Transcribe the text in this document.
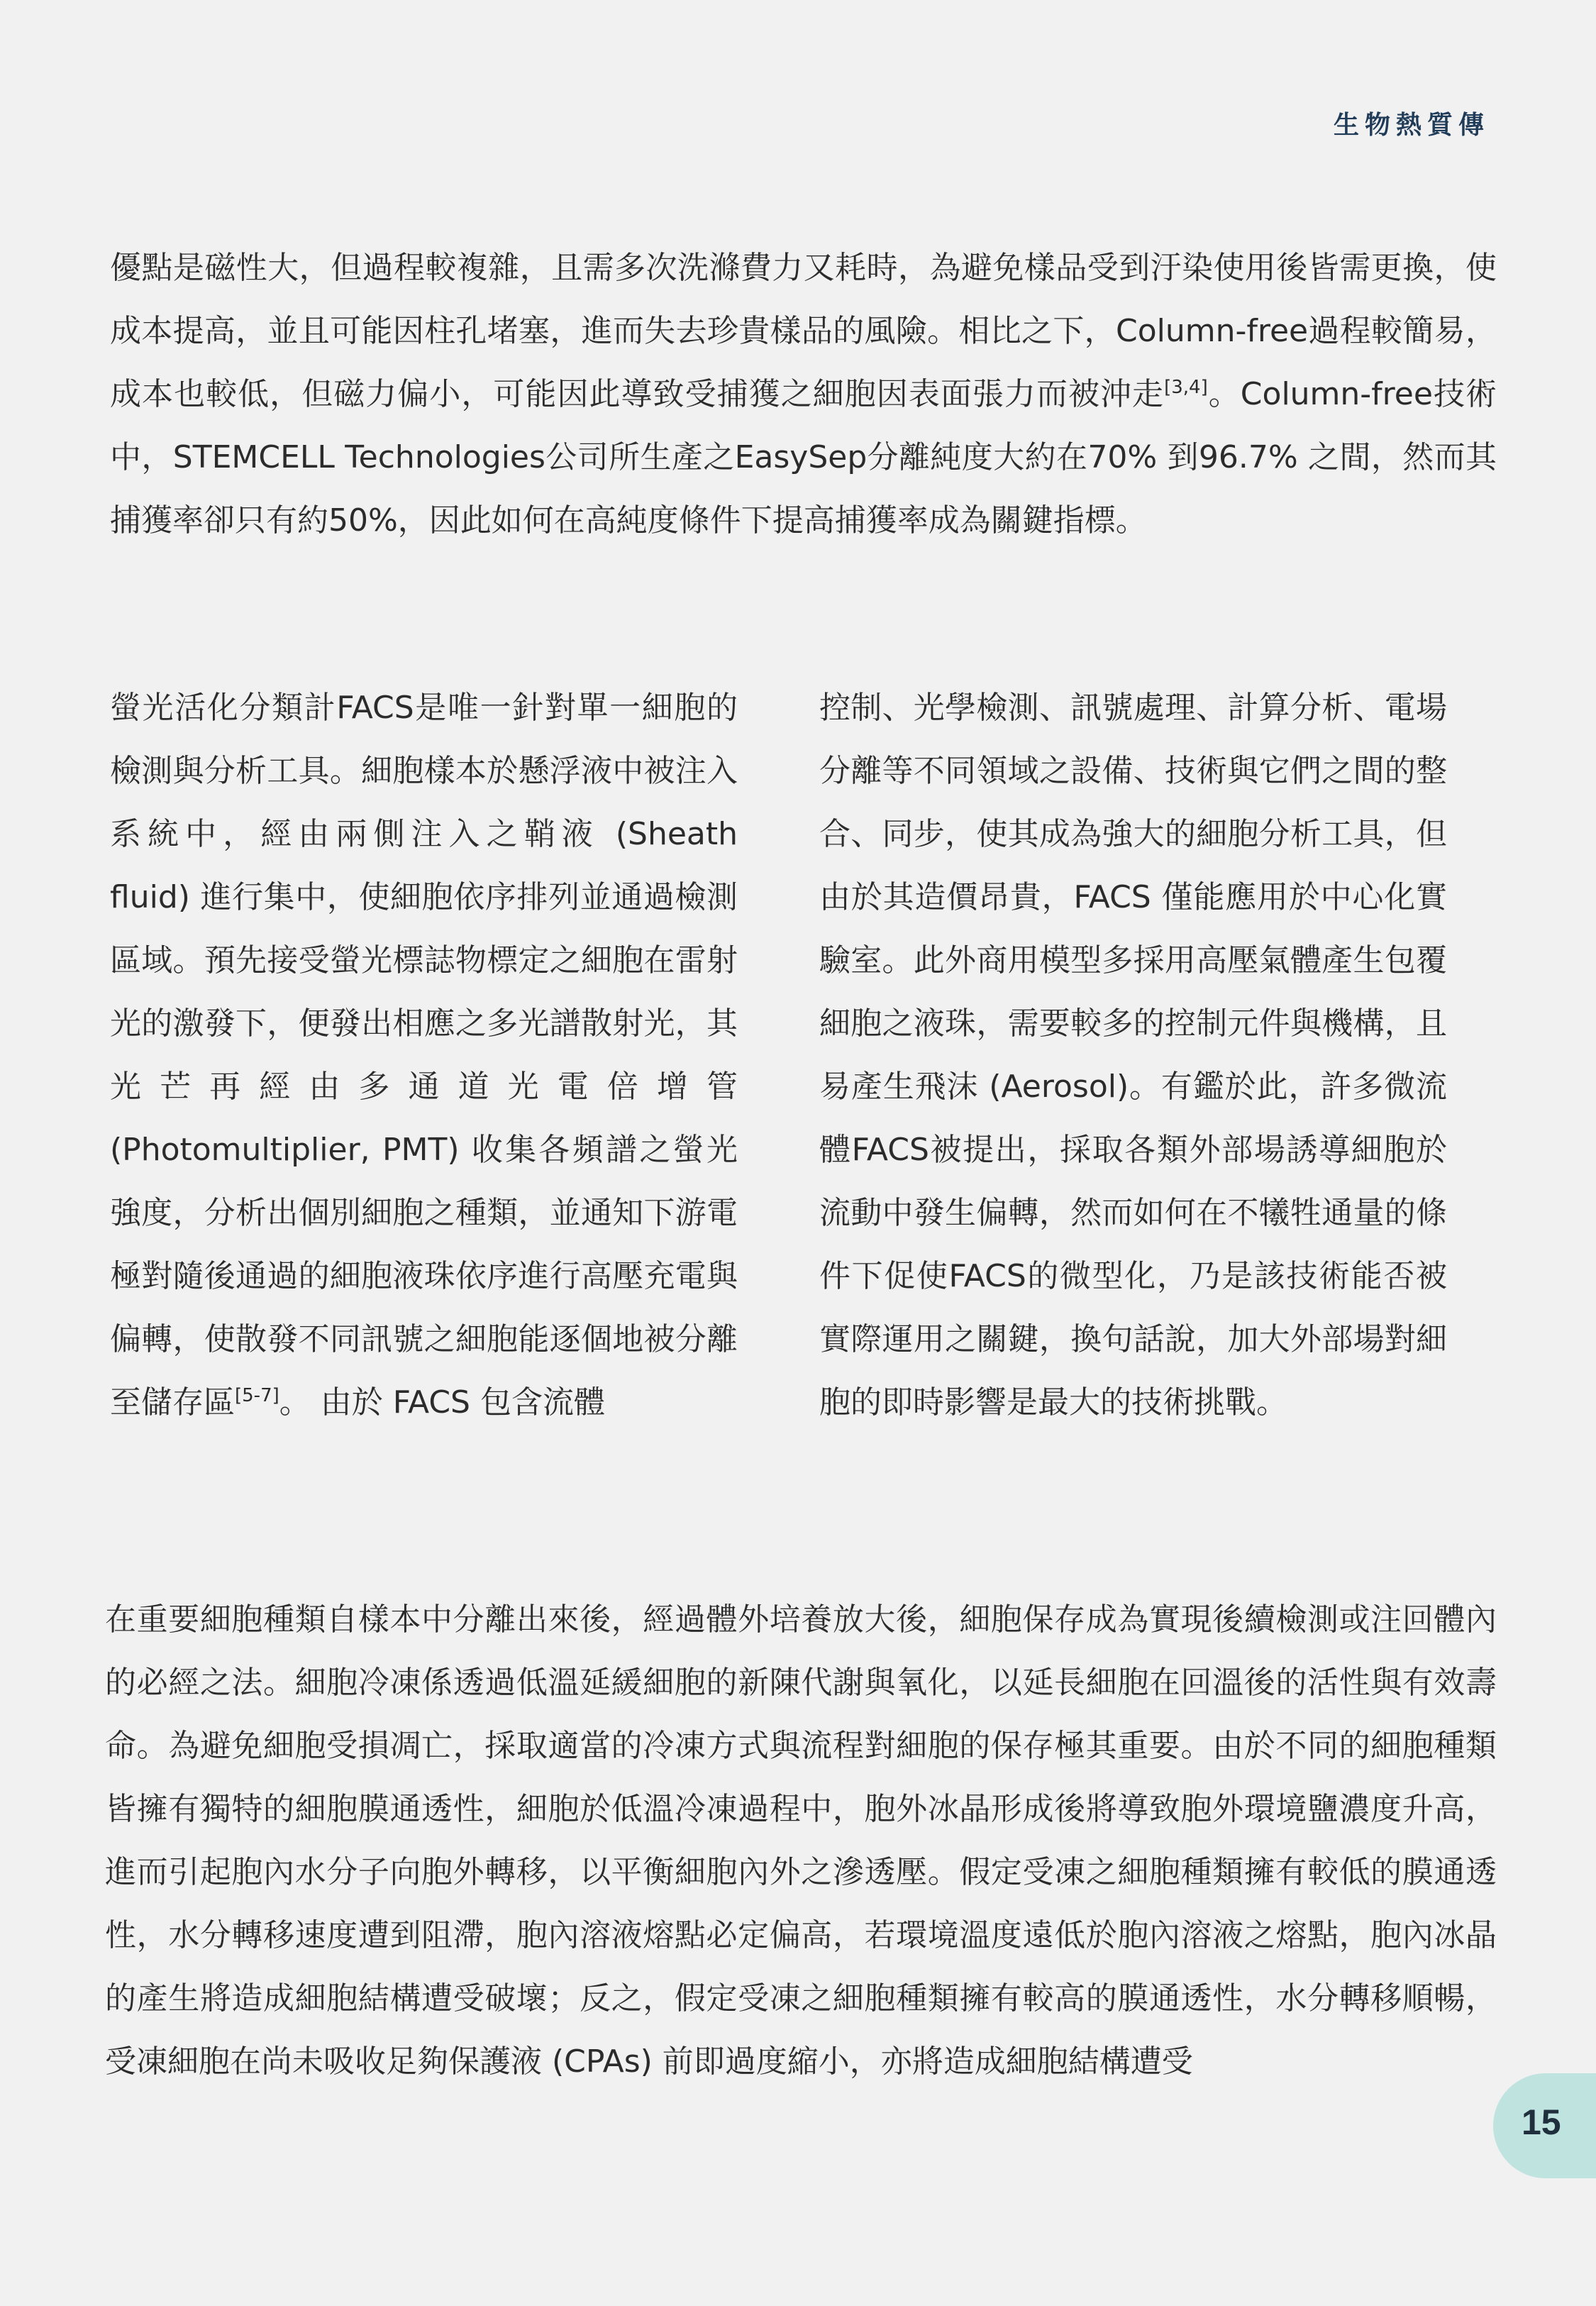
生物熱質傳

優點是磁性大，但過程較複雜，且需多次洗滌費力又耗時，為避免樣品受到汙染使用後皆需更換，使成本提高，並且可能因柱孔堵塞，進而失去珍貴樣品的風險。相比之下，Column-free過程較簡易，成本也較低，但磁力偏小，可能因此導致受捕獲之細胞因表面張力而被沖走[3,4]。Column-free技術中，STEMCELL Technologies公司所生產之EasySep分離純度大約在70% 到96.7% 之間，然而其捕獲率卻只有約50%，因此如何在高純度條件下提高捕獲率成為關鍵指標。

螢光活化分類計FACS是唯一針對單一細胞的檢測與分析工具。細胞樣本於懸浮液中被注入系統中，經由兩側注入之鞘液 (Sheath fluid) 進行集中，使細胞依序排列並通過檢測區域。預先接受螢光標誌物標定之細胞在雷射光的激發下，便發出相應之多光譜散射光，其光芒再經由多通道光電倍增管 (Photomultiplier, PMT) 收集各頻譜之螢光強度，分析出個別細胞之種類，並通知下游電極對隨後通過的細胞液珠依序進行高壓充電與偏轉，使散發不同訊號之細胞能逐個地被分離至儲存區[5-7]。 由於 FACS 包含流體

控制、光學檢測、訊號處理、計算分析、電場分離等不同領域之設備、技術與它們之間的整合、同步，使其成為強大的細胞分析工具，但由於其造價昂貴，FACS 僅能應用於中心化實驗室。此外商用模型多採用高壓氣體產生包覆細胞之液珠，需要較多的控制元件與機構，且易產生飛沫 (Aerosol)。有鑑於此，許多微流體FACS被提出，採取各類外部場誘導細胞於流動中發生偏轉，然而如何在不犧牲通量的條件下促使FACS的微型化，乃是該技術能否被實際運用之關鍵，換句話說，加大外部場對細胞的即時影響是最大的技術挑戰。

在重要細胞種類自樣本中分離出來後，經過體外培養放大後，細胞保存成為實現後續檢測或注回體內的必經之法。細胞冷凍係透過低溫延緩細胞的新陳代謝與氧化，以延長細胞在回溫後的活性與有效壽命。為避免細胞受損凋亡，採取適當的冷凍方式與流程對細胞的保存極其重要。由於不同的細胞種類皆擁有獨特的細胞膜通透性，細胞於低溫冷凍過程中，胞外冰晶形成後將導致胞外環境鹽濃度升高，進而引起胞內水分子向胞外轉移，以平衡細胞內外之滲透壓。假定受凍之細胞種類擁有較低的膜通透性，水分轉移速度遭到阻滯，胞內溶液熔點必定偏高，若環境溫度遠低於胞內溶液之熔點，胞內冰晶的產生將造成細胞結構遭受破壞；反之，假定受凍之細胞種類擁有較高的膜通透性，水分轉移順暢，受凍細胞在尚未吸收足夠保護液 (CPAs) 前即過度縮小，亦將造成細胞結構遭受

15
